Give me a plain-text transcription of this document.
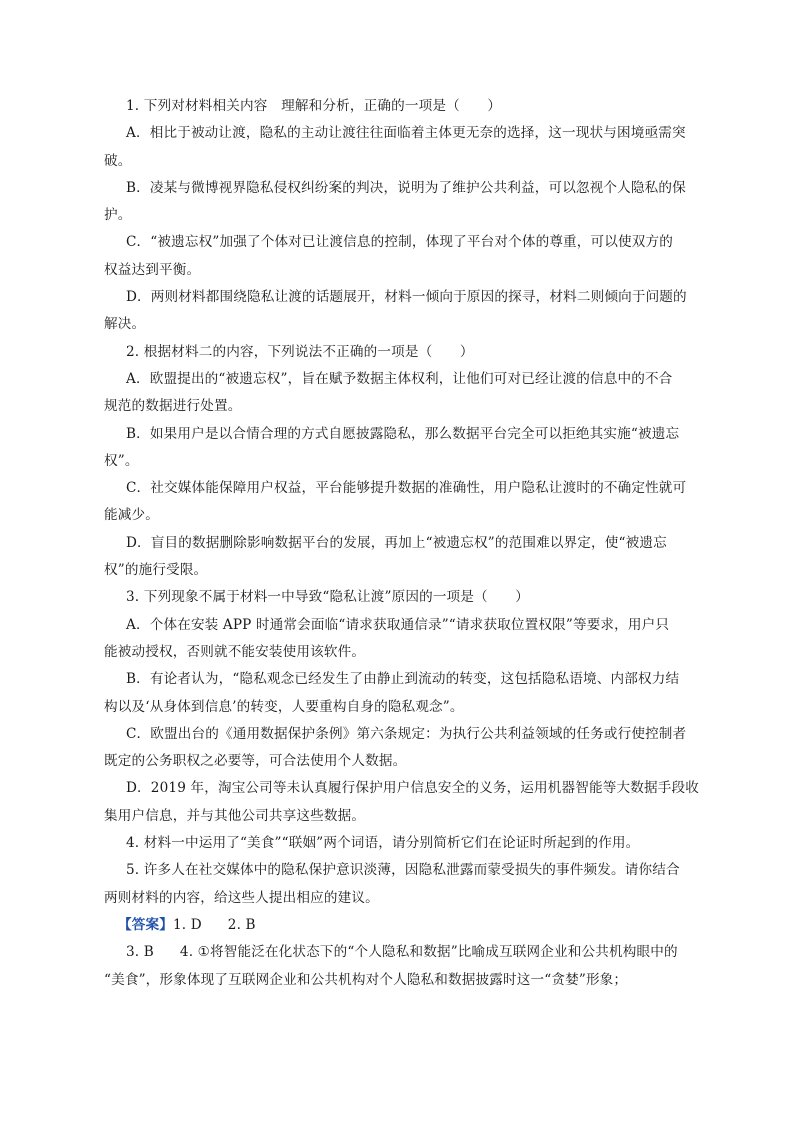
1. 下列对材料相关内容　理解和分析，正确的一项是（　　）
A．相比于被动让渡，隐私的主动让渡往往面临着主体更无奈的选择，这一现状与困境亟需突
破。
B．凌某与微博视界隐私侵权纠纷案的判决，说明为了维护公共利益，可以忽视个人隐私的保
护。
C．“被遗忘权”加强了个体对已让渡信息的控制，体现了平台对个体的尊重，可以使双方的
权益达到平衡。
D．两则材料都围绕隐私让渡的话题展开，材料一倾向于原因的探寻，材料二则倾向于问题的
解决。
2. 根据材料二的内容，下列说法不正确的一项是（　　）
A．欧盟提出的“被遗忘权”，旨在赋予数据主体权利，让他们可对已经让渡的信息中的不合
规范的数据进行处置。
B．如果用户是以合情合理的方式自愿披露隐私，那么数据平台完全可以拒绝其实施“被遗忘
权”。
C．社交媒体能保障用户权益，平台能够提升数据的准确性，用户隐私让渡时的不确定性就可
能减少。
D．盲目的数据删除影响数据平台的发展，再加上“被遗忘权”的范围难以界定，使“被遗忘
权”的施行受限。
3. 下列现象不属于材料一中导致“隐私让渡”原因的一项是（　　）
A．个体在安装 APP 时通常会面临“请求获取通信录”“请求获取位置权限”等要求，用户只
能被动授权，否则就不能安装使用该软件。
B．有论者认为，“隐私观念已经发生了由静止到流动的转变，这包括隐私语境、内部权力结
构以及‘从身体到信息’的转变，人要重构自身的隐私观念”。
C．欧盟出台的《通用数据保护条例》第六条规定：为执行公共利益领域的任务或行使控制者
既定的公务职权之必要等，可合法使用个人数据。
D．2019 年，淘宝公司等未认真履行保护用户信息安全的义务，运用机器智能等大数据手段收
集用户信息，并与其他公司共享这些数据。
4. 材料一中运用了“美食”“联姻”两个词语，请分别简析它们在论证时所起到的作用。
5. 许多人在社交媒体中的隐私保护意识淡薄，因隐私泄露而蒙受损失的事件频发。请你结合
两则材料的内容，给这些人提出相应的建议。
【答案】1. D 2. B
3. B 4. ①将智能泛在化状态下的“个人隐私和数据”比喻成互联网企业和公共机构眼中的
“美食”，形象体现了互联网企业和公共机构对个人隐私和数据披露时这一“贪婪”形象；
